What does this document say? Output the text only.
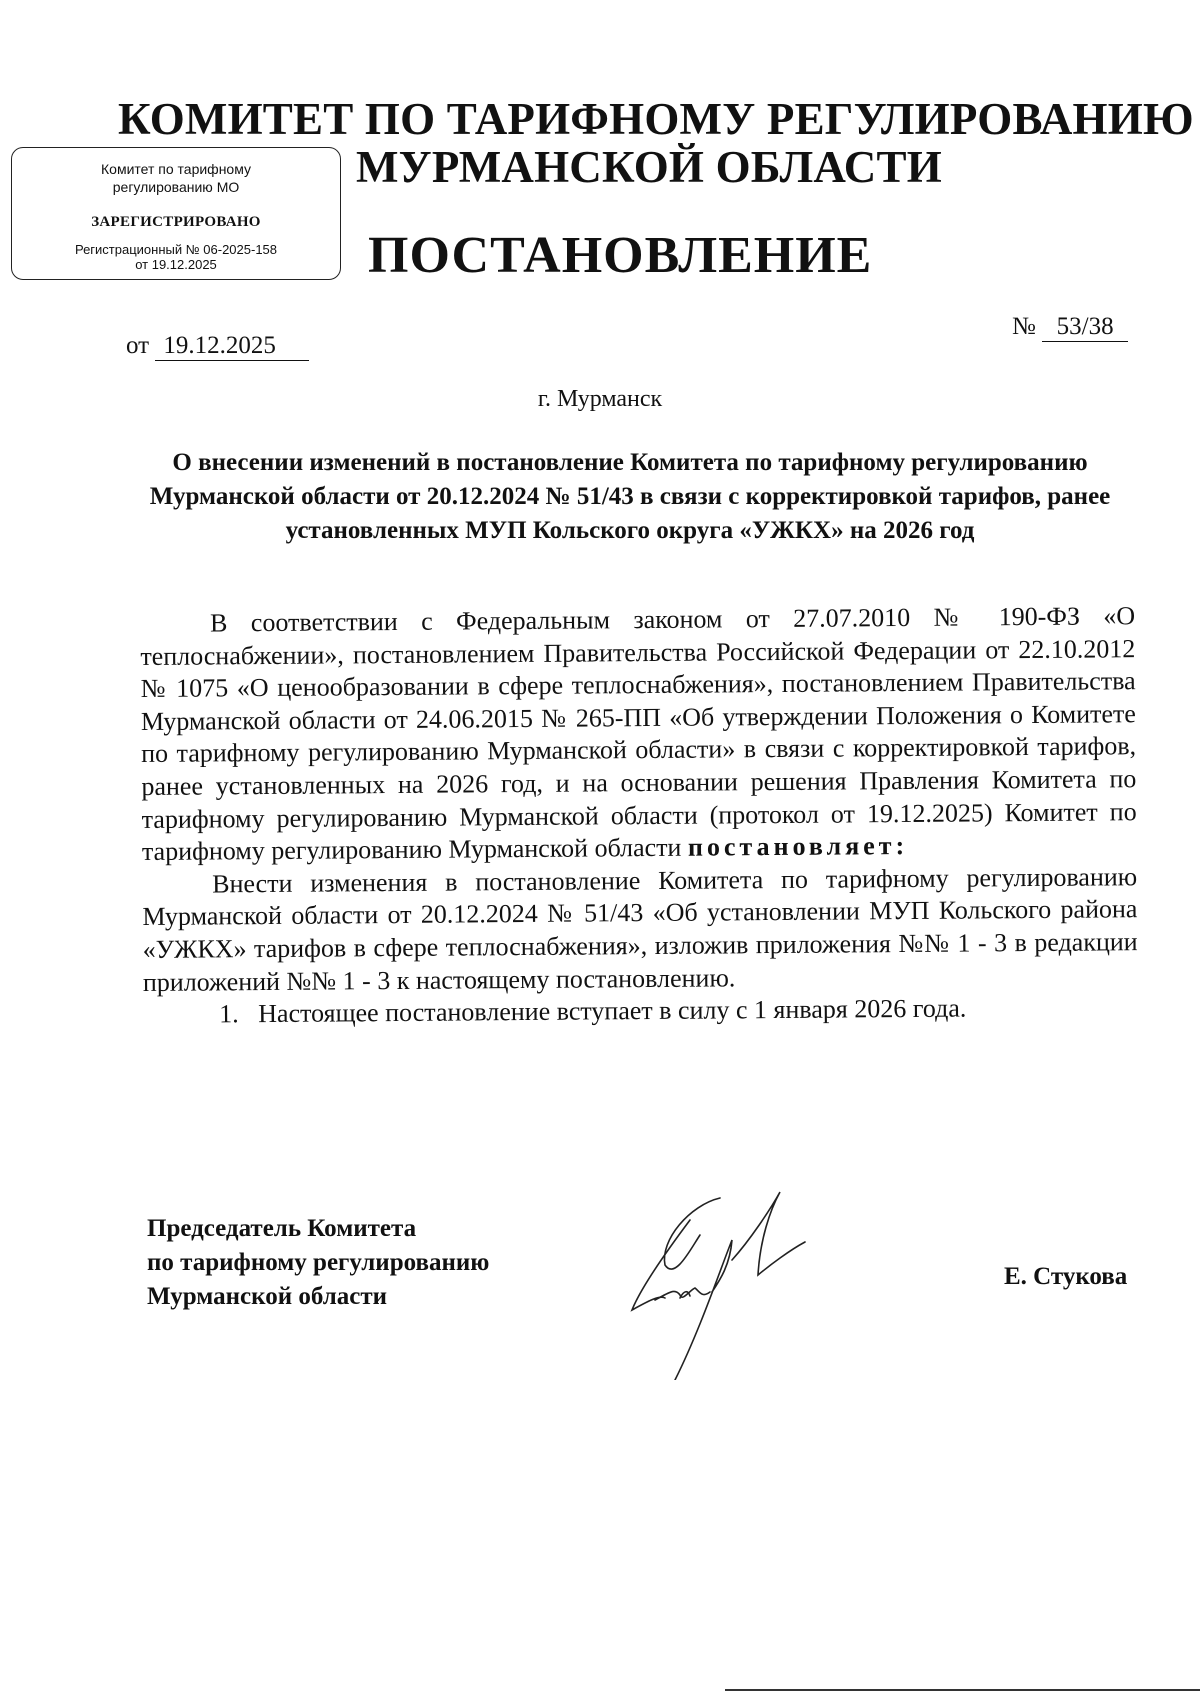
КОМИТЕТ ПО ТАРИФНОМУ РЕГУЛИРОВАНИЮ
МУРМАНСКОЙ ОБЛАСТИ
ПОСТАНОВЛЕНИЕ
Комитет по тарифному
регулированию МО
ЗАРЕГИСТРИРОВАНО
Регистрационный № 06-2025-158
от 19.12.2025
от 19.12.2025
№ 53/38
г. Мурманск
О внесении изменений в постановление Комитета по тарифному регулированию Мурманской области от 20.12.2024 № 51/43 в связи с корректировкой тарифов, ранее установленных МУП Кольского округа «УЖКХ» на 2026 год

В соответствии с Федеральным законом от 27.07.2010 № 190-ФЗ «О теплоснабжении», постановлением Правительства Российской Федерации от 22.10.2012 № 1075 «О ценообразовании в сфере теплоснабжения», постановлением Правительства Мурманской области от 24.06.2015 № 265-ПП «Об утверждении Положения о Комитете по тарифному регулированию Мурманской области» в связи с корректировкой тарифов, ранее установленных на 2026 год, и на основании решения Правления Комитета по тарифному регулированию Мурманской области (протокол от 19.12.2025) Комитет по тарифному регулированию Мурманской области постановляет:

Внести изменения в постановление Комитета по тарифному регулированию Мурманской области от 20.12.2024 № 51/43 «Об установлении МУП Кольского района «УЖКХ» тарифов в сфере теплоснабжения», изложив приложения №№ 1 - 3 в редакции приложений №№ 1 - 3 к настоящему постановлению.

1. Настоящее постановление вступает в силу с 1 января 2026 года.

Председатель Комитета
по тарифному регулированию
Мурманской области
Е. Стукова
